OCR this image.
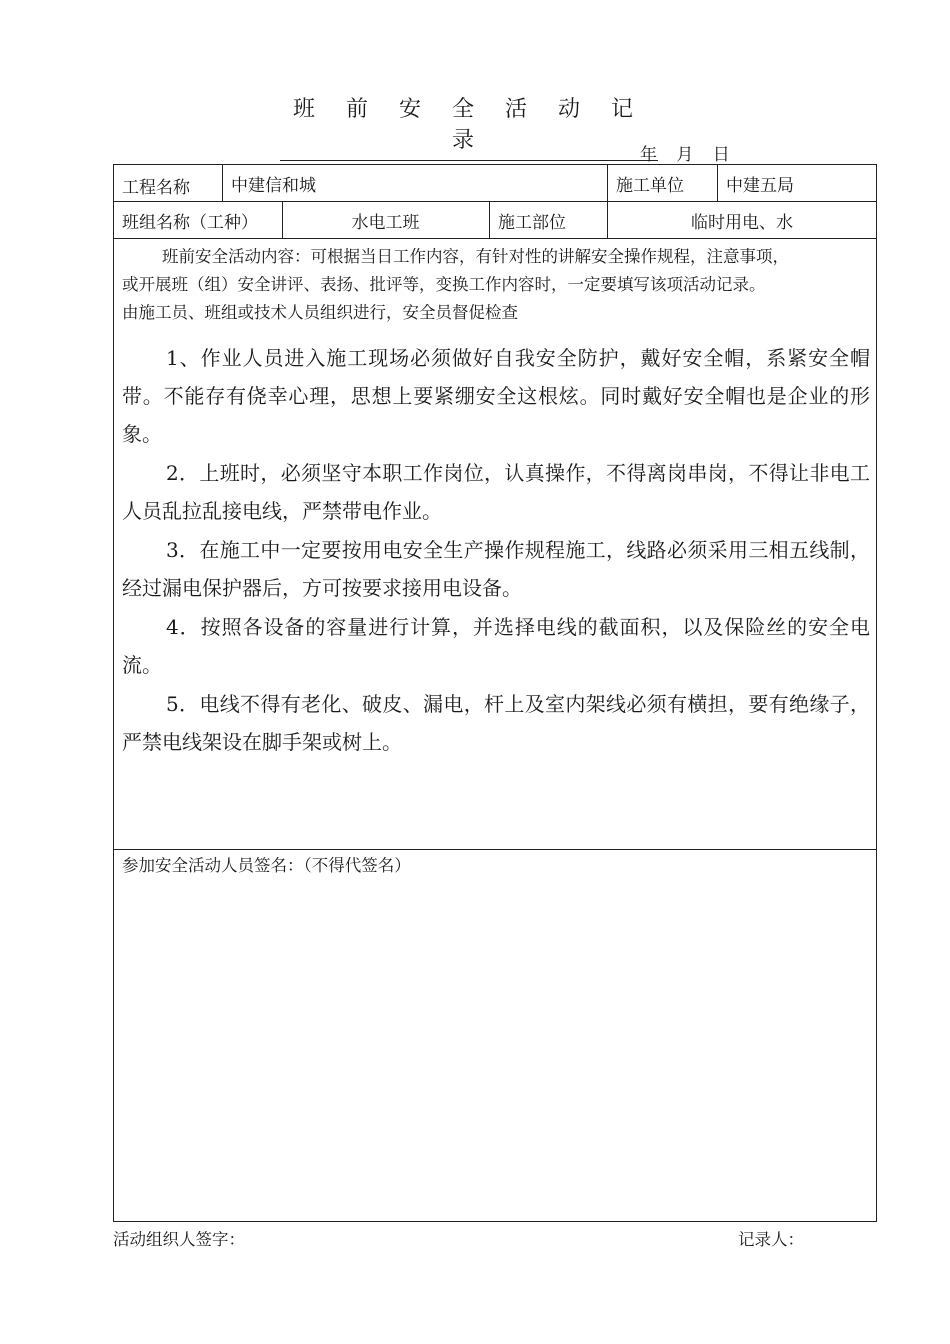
班 前 安 全 活 动 记 录
年 月 日
工程名称 中建信和城	施工单位 中建五局
班组名称（工种）	水电工班	施工部位	临时用电、水
班前安全活动内容：可根据当日工作内容，有针对性的讲解安全操作规程，注意事项，
或开展班（组）安全讲评、表扬、批评等，变换工作内容时，一定要填写该项活动记录。
由施工员、班组或技术人员组织进行，安全员督促检查

1、作业人员进入施工现场必须做好自我安全防护，戴好安全帽，系紧安全帽带。不能存有侥幸心理，思想上要紧绷安全这根炫。同时戴好安全帽也是企业的形象。

2．上班时，必须坚守本职工作岗位，认真操作，不得离岗串岗，不得让非电工人员乱拉乱接电线，严禁带电作业。

3．在施工中一定要按用电安全生产操作规程施工，线路必须采用三相五线制，经过漏电保护器后，方可按要求接用电设备。

4．按照各设备的容量进行计算，并选择电线的截面积，以及保险丝的安全电流。

5．电线不得有老化、破皮、漏电，杆上及室内架线必须有横担，要有绝缘子，严禁电线架设在脚手架或树上。

参加安全活动人员签名：（不得代签名）
活动组织人签字：	记录人：
